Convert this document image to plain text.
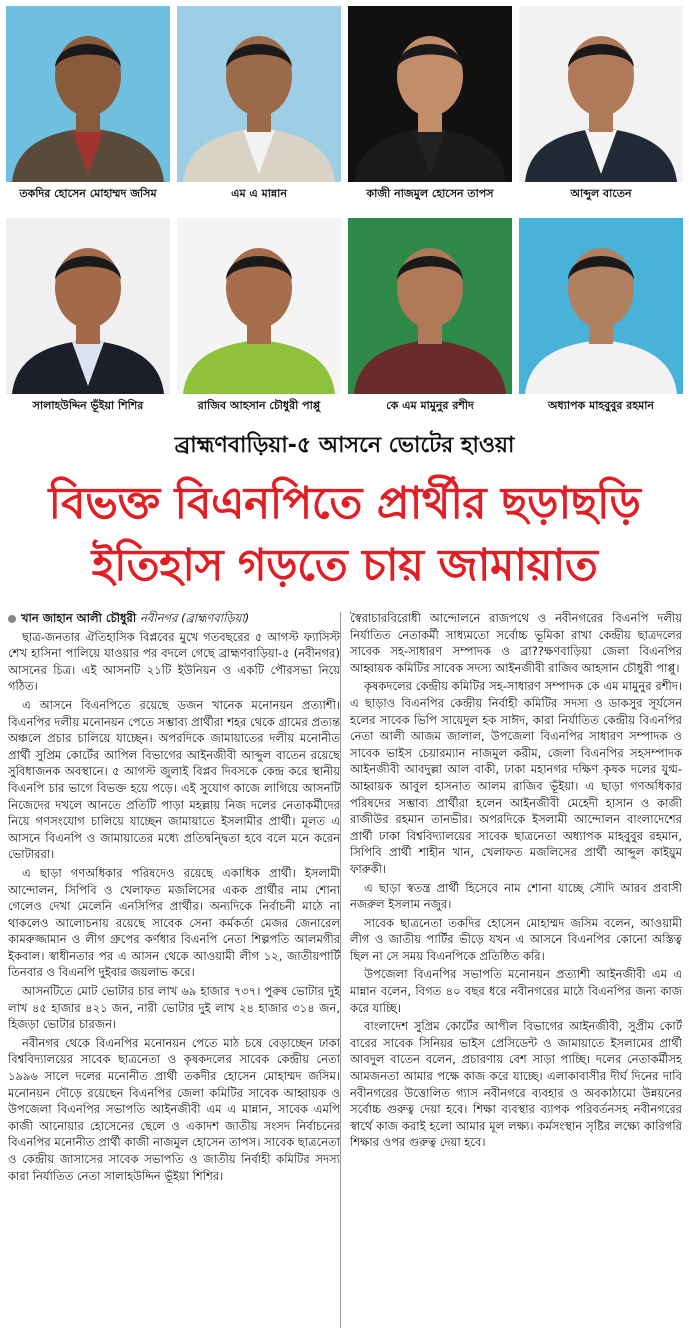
তকদির হোসেন মোহাম্মদ জসিম	এম এ মান্নান	কাজী নাজমুল হোসেন তাপস	আব্দুল বাতেন
সালাহউদ্দিন ভূঁইয়া শিশির	রাজিব আহসান চৌধুরী পাপ্পু	কে এম মামুনুর রশীদ	অধ্যাপক মাহবুবুর রহমান
ব্রাহ্মণবাড়িয়া-৫ আসনে ভোটের হাওয়া
বিভক্ত বিএনপিতে প্রার্থীর ছড়াছড়ি
ইতিহাস গড়তে চায় জামায়াত
খান জাহান আলী চৌধুরী নবীনগর (ব্রাহ্মণবাড়িয়া)

ছাত্র-জনতার ঐতিহাসিক বিপ্লবের মুখে গতবছরের ৫ আগস্ট ফ্যাসিস্ট শেখ হাসিনা পালিয়ে যাওয়ার পর বদলে গেছে ব্রাহ্মণবাড়িয়া-৫ (নবীনগর) আসনের চিত্র। এই আসনটি ২১টি ইউনিয়ন ও একটি পৌরসভা নিয়ে গঠিত।

এ আসনে বিএনপিতে রয়েছে ডজন খানেক মনোনয়ন প্রত্যাশী। বিএনপির দলীয় মনোনয়ন পেতে সম্ভাব্য প্রার্থীরা শহর থেকে গ্রামের প্রত্যন্ত অঞ্চলে প্রচার চালিয়ে যাচ্ছেন। অপরদিকে জামায়াতের দলীয় মনোনীত প্রার্থী সুপ্রিম কোর্টের আপিল বিভাগের আইনজীবী আব্দুল বাতেন রয়েছে সুবিধাজনক অবস্থানে। ৫ আগস্ট জুলাই বিপ্লব দিবসকে কেন্দ্র করে স্থানীয় বিএনপি চার ভাগে বিভক্ত হয়ে পড়ে। এই সুযোগ কাজে লাগিয়ে আসনটি নিজেদের দখলে আনতে প্রতিটি পাড়া মহল্লায় নিজ দলের নেতাকর্মীদের নিয়ে গণসংযোগ চালিয়ে যাচ্ছেন জামায়াতে ইসলামীর প্রার্থী। মূলত এ আসনে বিএনপি ও জামায়াতের মধ্যে প্রতিদ্বন্দ্বিতা হবে বলে মনে করেন ভোটাররা।

এ ছাড়া গণঅধিকার পরিষদেও রয়েছে একাধিক প্রার্থী। ইসলামী আন্দোলন, সিপিবি ও খেলাফত মজলিসের একক প্রার্থীর নাম শোনা গেলেও দেখা মেলেনি এনসিপির প্রার্থীর। অন্যদিকে নির্বাচনী মাঠে না থাকলেও আলোচনায় রয়েছে সাবেক সেনা কর্মকর্তা মেজর জেনারেল কামরুজ্জামান ও লীগ গ্রুপের কর্ণধার বিএনপি নেতা শিল্পপতি আলমগীর ইকবাল। স্বাধীনতার পর এ আসন থেকে আওয়ামী লীগ ১২, জাতীয়পার্টি তিনবার ও বিএনপি দুইবার জয়লাভ করে।

আসনটিতে মোট ভোটার চার লাখ ৬৯ হাজার ৭৩৭। পুরুষ ভোটার দুই লাখ ৪৫ হাজার ৪২১ জন, নারী ভোটার দুই লাখ ২৪ হাজার ৩১৪ জন, হিজড়া ভোটার চারজন।

নবীনগর থেকে বিএনপির মনোনয়ন পেতে মাঠ চষে বেড়াচ্ছেন ঢাকা বিশ্ববিদ্যালয়ের সাবেক ছাত্রনেতা ও কৃষকদলের সাবেক কেন্দ্রীয় নেতা ১৯৯৬ সালে দলের মনোনীত প্রার্থী তকদীর হোসেন মোহাম্মদ জসিম। মনোনয়ন দৌড়ে রয়েছেন বিএনপির জেলা কমিটির সাবেক আহ্বায়ক ও উপজেলা বিএনপির সভাপতি আইনজীবী এম এ মান্নান, সাবেক এমপি কাজী আনোয়ার হোসেনের ছেলে ও একাদশ জাতীয় সংসদ নির্বাচনের বিএনপির মনোনীত প্রার্থী কাজী নাজমুল হোসেন তাপস। সাবেক ছাত্রনেতা ও কেন্দ্রীয় জাসাসের সাবেক সভাপতি ও জাতীয় নির্বাহী কমিটির সদস্য কারা নির্যাতিত নেতা সালাহউদ্দিন ভূঁইয়া শিশির।

স্বৈরাচারবিরোধী আন্দোলনে রাজপথে ও নবীনগরের বিএনপি দলীয় নির্যাতিত নেতাকর্মী সাধ্যমতো সর্বোচ্চ ভূমিকা রাখা কেন্দ্রীয় ছাত্রদলের সাবেক সহ-সাধারণ সম্পাদক ও ব্রা??ক্ষণবাড়িয়া জেলা বিএনপির আহ্বায়ক কমিটির সাবেক সদস্য আইনজীবী রাজিব আহসান চৌধুরী পাপ্পু।

কৃষকদলের কেন্দ্রীয় কমিটির সহ-সাধারণ সম্পাদক কে এম মামুনুর রশীদ। এ ছাড়াও বিএনপির কেন্দ্রীয় নির্বাহী কমিটির সদস্য ও ডাকসুর সূর্যসেন হলের সাবেক ভিপি সায়েদুল হক সাঈদ, কারা নির্যাতিত কেন্দ্রীয় বিএনপির নেতা আলী আজম জালাল, উপজেলা বিএনপির সাধারণ সম্পাদক ও সাবেক ভাইস চেয়ারম্যান নাজমুল করীম, জেলা বিএনপির সহসম্পাদক আইনজীবী আবদুল্লা আল বাকী, ঢাকা মহানগর দক্ষিণ কৃষক দলের যুগ্ম-আহ্বায়ক আবুল হাসনাত আলম রাজিব ভূঁইয়া। এ ছাড়া গণঅধিকার পরিষদের সম্ভাব্য প্রার্থীরা হলেন আইনজীবী মেহেদী হাসান ও কাজী রাজীউর রহমান তানভীর। অপরদিকে ইসলামী আন্দোলন বাংলাদেশের প্রার্থী ঢাকা বিশ্ববিদ্যালয়ের সাবেক ছাত্রনেতা অধ্যাপক মাহবুবুর রহমান, সিপিবি প্রার্থী শাহীন খান, খেলাফত মজলিসের প্রার্থী আব্দুল কাইয়ুম ফারুকী।

এ ছাড়া স্বতন্ত্র প্রার্থী হিসেবে নাম শোনা যাচ্ছে সৌদি আরব প্রবাসী নজরুল ইসলাম নজুর।

সাবেক ছাত্রনেতা তকদির হোসেন মোহাম্মদ জসিম বলেন, আওয়ামী লীগ ও জাতীয় পার্টির ভীড়ে যখন এ আসনে বিএনপির কোনো অস্তিত্ব ছিল না সে সময় বিএনপিকে প্রতিষ্ঠিত করি।

উপজেলা বিএনপির সভাপতি মনোনয়ন প্রত্যাশী আইনজীবী এম এ মান্নান বলেন, বিগত ৪০ বছর ধরে নবীনগরের মাঠে বিএনপির জন্য কাজ করে যাচ্ছি।

বাংলাদেশ সুপ্রিম কোর্টের আপীল বিভাগের আইনজীবী, সুপ্রীম কোর্ট বারের সাবেক সিনিয়র ভাইস প্রেসিডেন্ট ও জামায়াতে ইসলামের প্রার্থী আবদুল বাতেন বলেন, প্রচারণায় বেশ সাড়া পাচ্ছি। দলের নেতাকর্মীসহ আমজনতা আমার পক্ষে কাজ করে যাচ্ছে। এলাকাবাসীর দীর্ঘ দিনের দাবি নবীনগরের উত্তোলিত গ্যাস নবীনগরে ব্যবহার ও অবকাঠামো উন্নয়নের সর্বোচ্চ গুরুত্ব দেয়া হবে। শিক্ষা ব্যবস্থার ব্যাপক পরিবর্তনসহ নবীনগরের স্বার্থে কাজ করাই হলো আমার মূল লক্ষ্য। কর্মসংস্থান সৃষ্টির লক্ষ্যে কারিগরি শিক্ষার ওপর গুরুত্ব দেয়া হবে।
